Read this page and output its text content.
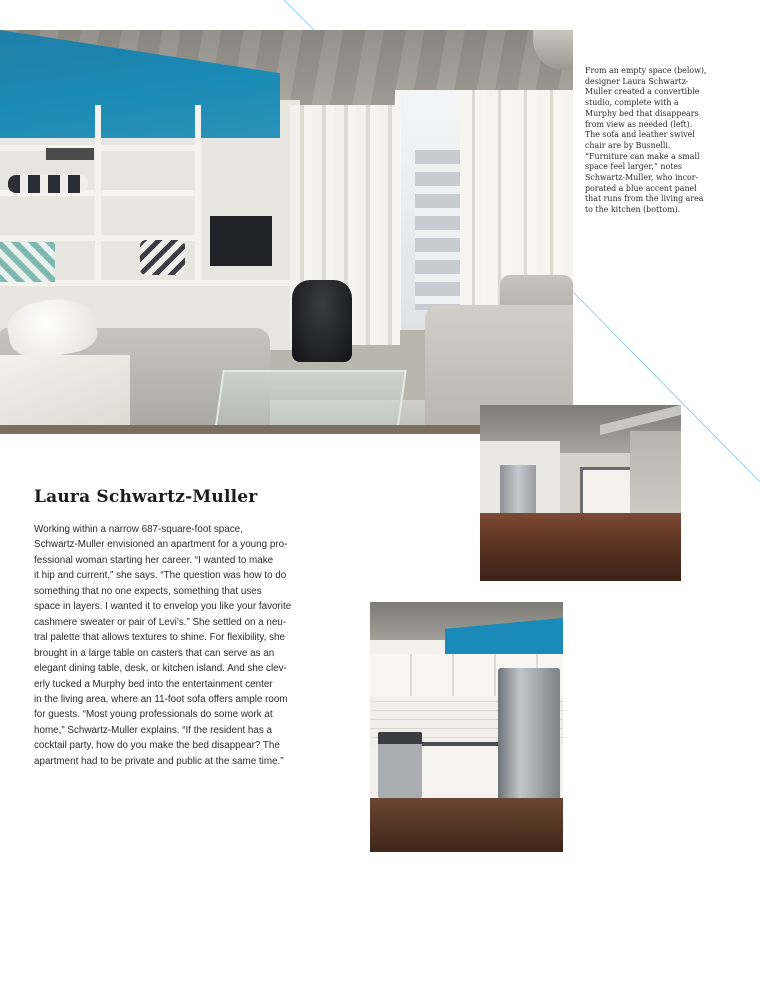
From an empty space (below),
designer Laura Schwartz-
Muller created a convertible
studio, complete with a
Murphy bed that disappears
from view as needed (left).
The sofa and leather swivel
chair are by Busnelli.
“Furniture can make a small
space feel larger,” notes
Schwartz-Muller, who incor-
porated a blue accent panel
that runs from the living area
to the kitchen (bottom).

Laura Schwartz-Muller

Working within a narrow 687-square-foot space,
Schwartz-Muller envisioned an apartment for a young pro-
fessional woman starting her career. “I wanted to make
it hip and current,” she says. “The question was how to do
something that no one expects, something that uses
space in layers. I wanted it to envelop you like your favorite
cashmere sweater or pair of Levi’s.” She settled on a neu-
tral palette that allows textures to shine. For flexibility, she
brought in a large table on casters that can serve as an
elegant dining table, desk, or kitchen island. And she clev-
erly tucked a Murphy bed into the entertainment center
in the living area, where an 11-foot sofa offers ample room
for guests. “Most young professionals do some work at
home,” Schwartz-Muller explains. “If the resident has a
cocktail party, how do you make the bed disappear? The
apartment had to be private and public at the same time.”
